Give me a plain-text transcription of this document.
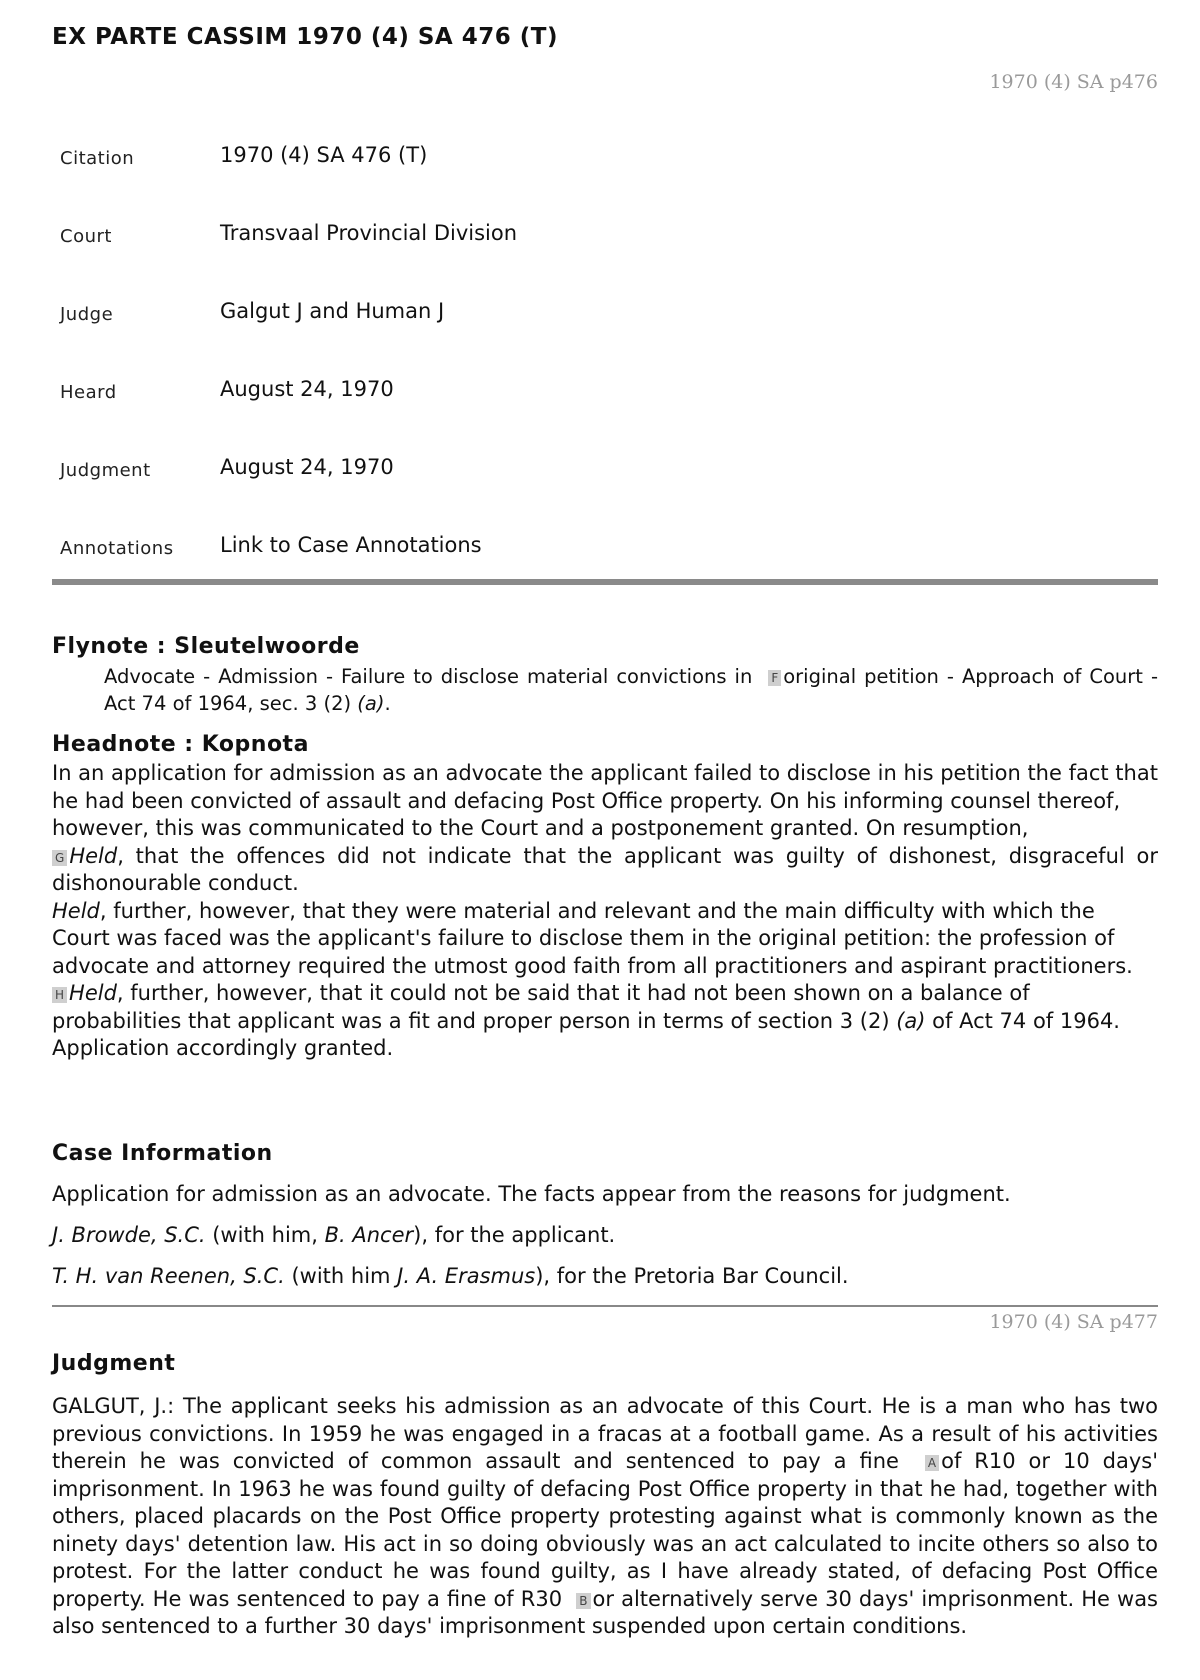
EX PARTE CASSIM 1970 (4) SA 476 (T)
1970 (4) SA p476
Citation	1970 (4) SA 476 (T)
Court	Transvaal Provincial Division
Judge	Galgut J and Human J
Heard	August 24, 1970
Judgment	August 24, 1970
Annotations	Link to Case Annotations
Flynote : Sleutelwoorde

Advocate - Admission - Failure to disclose material convictions in F original petition - Approach of Court - Act 74 of 1964, sec. 3 (2) (a).

Headnote : Kopnota

In an application for admission as an advocate the applicant failed to disclose in his petition the fact that he had been convicted of assault and defacing Post Office property. On his informing counsel thereof, however, this was communicated to the Court and a postponement granted. On resumption,

G Held, that the offences did not indicate that the applicant was guilty of dishonest, disgraceful or dishonourable conduct.

Held, further, however, that they were material and relevant and the main difficulty with which the Court was faced was the applicant's failure to disclose them in the original petition: the profession of advocate and attorney required the utmost good faith from all practitioners and aspirant practitioners.

H Held, further, however, that it could not be said that it had not been shown on a balance of probabilities that applicant was a fit and proper person in terms of section 3 (2) (a) of Act 74 of 1964. Application accordingly granted.

Case Information

Application for admission as an advocate. The facts appear from the reasons for judgment.

J. Browde, S.C. (with him, B. Ancer), for the applicant.

T. H. van Reenen, S.C. (with him J. A. Erasmus), for the Pretoria Bar Council.

1970 (4) SA p477
Judgment

GALGUT, J.: The applicant seeks his admission as an advocate of this Court. He is a man who has two previous convictions. In 1959 he was engaged in a fracas at a football game. As a result of his activities therein he was convicted of common assault and sentenced to pay a fine A of R10 or 10 days' imprisonment. In 1963 he was found guilty of defacing Post Office property in that he had, together with others, placed placards on the Post Office property protesting against what is commonly known as the ninety days' detention law. His act in so doing obviously was an act calculated to incite others so also to protest. For the latter conduct he was found guilty, as I have already stated, of defacing Post Office property. He was sentenced to pay a fine of R30 B or alternatively serve 30 days' imprisonment. He was also sentenced to a further 30 days' imprisonment suspended upon certain conditions.
